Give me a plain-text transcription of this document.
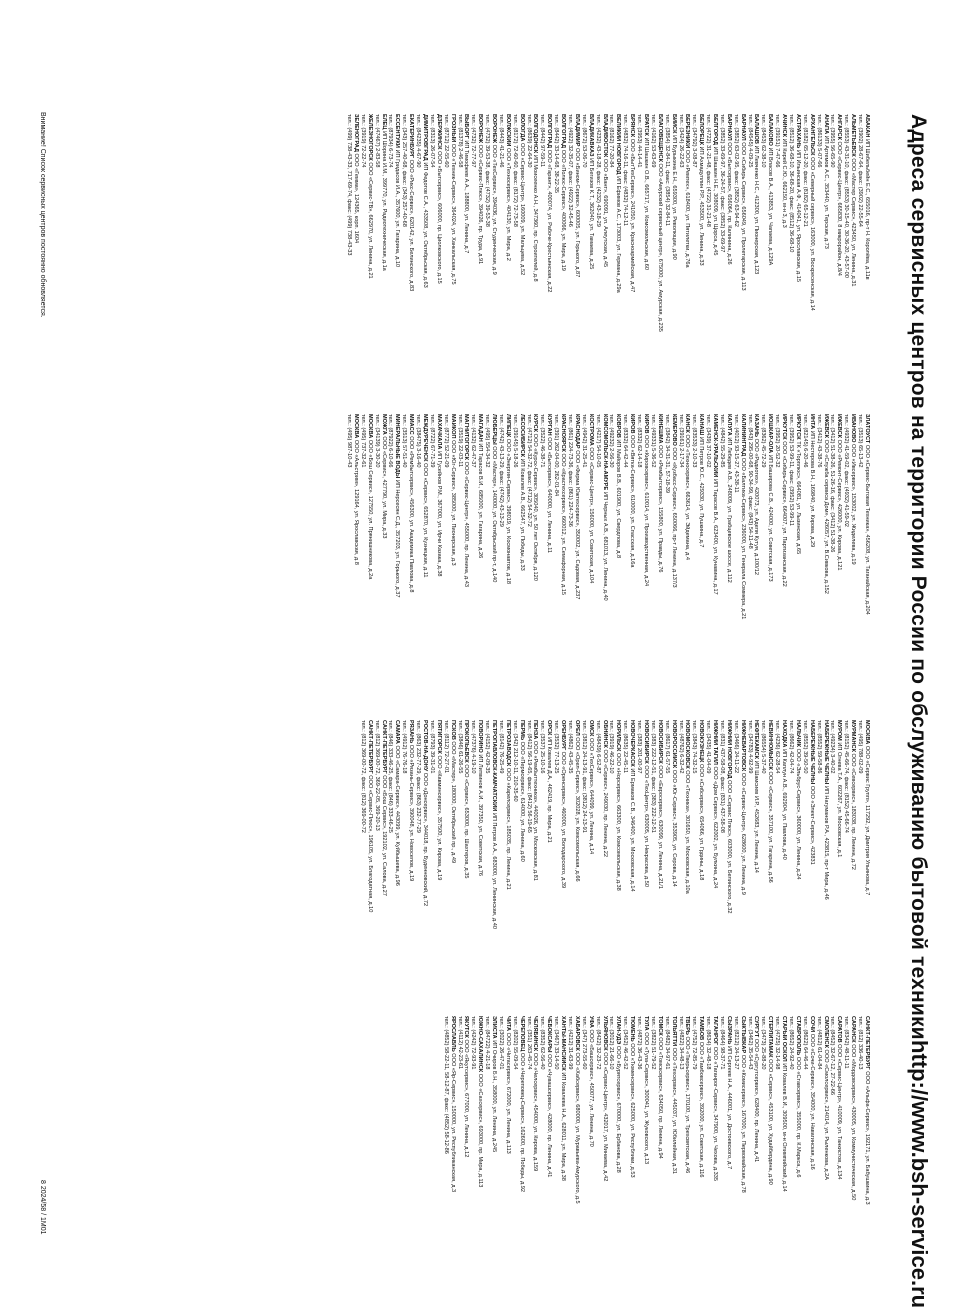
Адреса сервисных центров на территории России по обслуживанию бытовой техники
http://www.bsh-service.ru
АБАКАН ИП Шибельбейн Е.С., 655016, пр-т Н. Королёва, д.11в
тел.: (3902) 28-67-64, факс: (3902) 22-55-64
АЛЬМЕТЬЕВСК ООО «Мастер Сервис», 423450, ул. Ленина, д.31
тел.: (8553) 43-31-10, факс: (8553) 30-15-40, 30-36-20, 43-57-00
АНГАРСК ООО «Сервис-Центр», 665830, 8 микрорайон, д.8/4
тел.: (3955) 56-65-90
АНАПА ИП Артемов А.С., 353440, ул. Терская, д.73
тел.: (86133) 5-07-66
АРХАНГЕЛЬСК ООО «Северный сервис», 163000, ул. Воскресенская, д.14
тел.: (8182) 65-12-20, факс: (8182) 65-12-21
АСТРАХАНЬ ИП Ильинская А.Ф., 414041, ул. Ярославская, д.15
тел.: (8512) 36-68-10, 36-68-20, факс: (8512) 36-68-10
АЧИНСК ИП Кирей С.Ю., 662150, м-н 3, д.3
тел.: (39151) 7-47-66
БАЛАКОВО ИП Власов В.А., 413853, ул. Чапаева, д.129А
тел.: (8453) 62-38-10
БАЛАШОВ ИП Левченко Н.С., 412300, ул. Пионерская, д.123
тел.: (84545) 4-09-25
БАРНАУЛ ООО «Сибирь Сервис», 656049, ул. Пролетарская, д.113
тел.: (3852) 63-02-95, факс: (3852) 63-94-62
БАРНАУЛ ООО «Бытсервис», 656064, пр. Калинина, д.26
тел.: (3852) 33-69-97, 36-24-57, факс: (3852) 33-69-97
БЕЛГОРОД ИП Шашкин Н.Е., 308009, ул. Щорса, д.45
тел.: (4722) 31-21-48, факс: (4722) 31-21-48
БЕЛОРЕЦК ИП Ахмадуллин Р.Р., 453500, ул. Ленина, д.33
тел.: (34792) 3-08-87
БЕРЕЗНИКИ ООО «Ремтех», 618400, ул. Пятилетки, д.76а
тел.: (3424) 26-22-63
БИЙСК ИП Бурыкина Е.Н., 659300, ул. Революции, д.90
тел.: (3854) 32-84-11, факс: (3854) 32-84-11
БЛАГОВЕЩЕНСК ООО «Амурский сервисный центр», 675000, ул. Амурская, д.235
тел.: (4162) 53-63-69
БРАТСК ИП Шашкин О.В., 665717, ул. Комсомольская, д.60
тел.: (3953) 44-14-41
БРЯНСК ООО «БытТехСервис», 241050, ул. Красноармейская, д.47
тел.: (4832) 74-16-11, факс: (4832) 74-12-11
ВЕЛИКИЙ НОВГОРОД ИП Ефимов А.С., 173003, ул. Германа, д.29а
тел.: (8162) 77-20-84
ВЛАДИВОСТОК ООО «Вант», 690091, ул. Алеутская, д.45
тел.: (4232) 43-18-28, факс: (4232) 43-18-29
ВЛАДИКАВКАЗ ИП Бегизов К.Т., 362040, ул. Тамаева, д.25
тел.: (8672) 53-06-70
ВЛАДИМИР ООО «Бином-Сервис», 600005, ул. Горького, д.87
тел.: (4922) 32-35-07, факс: (4922) 32-45-46
ВОЛГОГРАД ООО «Полюс-Сервис», 400066, ул. Мира, д.19
тел.: (8442) 33-14-68, 38-22-35
ВОЛГОГРАД ООО «Гарант», 400074, ул. Рабоче-Крестьянская, д.22
тел.: (8442) 97-59-11
ВОЛГОДОНСК ИП Моисеенко А.Н., 347360, пр. Строителей, д.8
тел.: (8639) 22-64-30
ВОЛОГДА ООО «Сервис-Центр», 160009, ул. Мальцева, д.52
тел.: (8172) 72-60-60, факс: (8172) 72-73-58
ВОЛЖСКИЙ ООО «Техносервис», 404130, ул. Мира, д.2
тел.: (8443) 41-21-46
ВОРОНЕЖ ООО «ТехСервис», 394036, ул. Студенческая, д.9
тел.: (4732) 39-53-38, факс: (4732) 39-53-38
ВОРОНЕЖ ООО «Сервис-Плюс», 394026, пр. Труда, д.91
тел.: (4732) 72-77-97
ВЫБОРГ ИП Тимофеев А.А., 188800, ул. Ленина, д.7
тел.: (81378) 2-46-58
ГРОЗНЫЙ ООО «Техник-Сервис», 364024, ул. Ханкальская, д.75
тел.: (8712) 22-55-60
ДЗЕРЖИНСК ООО «Бытсервис», 606000, пр. Циолковского, д.15
тел.: (8313) 26-07-54
ДИМИТРОВГРАД ИП Федотов С.А., 433508, ул. Октябрьская, д.63
тел.: (84235) 4-67-90
ЕКАТЕРИНБУРГ ООО «Рикс-Сервис», 620142, ул. Белинского, д.83
тел.: (343) 257-40-68, факс: (343) 257-40-68
ЕССЕНТУКИ ИП Гридасов И.А., 357600, ул. Гагарина, д.10
тел.: (87934) 6-73-74
ЕЛЕЦ ИП Шорина И.М., 399770, ул. Радиотехническая, д.1а
тел.: (47467) 2-83-58
ЖЕЛЕЗНОГОРСК ООО «Сервис-ТВ», 662970, ул. Ленина, д.21
тел.: (3919) 72-22-74
ЗЕЛЕНОГРАД ООО «Гемма», 124365, корп. 1604
тел.: (499) 738-43-33, 717-69-74, факс: (499) 738-43-33
ЗЛАТОУСТ ООО «Сервис-Бытовая Техника», 456208, ул. Таганайская, д.204
тел.: (3513) 65-13-42
ИВАНОВО ООО «Ивсервис», 153002, ул. Жиделева, д.19
тел.: (4932) 41-59-02, факс: (4932) 41-59-02
ИЖЕВСК ООО «Ремонт-Сервис», 426000, ул. Кирова, д.121
тел.: (3412) 51-38-26, 51-26-16, факс: (3412) 51-38-26
ИЖЕВСК ООО «Служба сервиса Дом», 426057, ул. В.Сивкова, д.152
тел.: (3412) 43-38-76
ИНТА ИП Нестерова В.Н., 169840, ул. Кирова, д.29
тел.: (82145) 6-20-46
ИРКУТСК ТК «Торплюс», 664081, ул. Лызинская, д.65
тел.: (3952) 53-99-11, факс: (3952) 53-99-11
ИРКУТСК ООО «Сибирь-Сервис», 664007, ул. Партизанская, д.22
тел.: (3952) 20-52-32
ЙОШКАР-ОЛА ИП Баширова С.В., 424000, ул. Советская, д.173
тел.: (8362) 45-72-29
КАЗАНЬ ООО «Радиотех», 420073, ул. Аделя Кутуя, д.100/12
тел.: (843) 295-00-68, 90-34-99, факс: (843) 54-11-48
КАЛИНИНГРАД ООО «Балтика-Сервис», 236000, ул. Генерала Соммера, д.21
тел.: (4012) 93-15-27, 43-38-11
КАЛУГА ИП Лебедев А.В., 248009, ул. Грабцевское шоссе, д.112
тел.: (4842) 55-29-85
КАМЕНСК-УРАЛЬСКИЙ ИП Тарасов В.А., 623400, ул. Кунавина, д.17
тел.: (3439) 37-10-02
КАНАШ ИП Петров Ю.С., 429330, ул. Пушкина, д.7
тел.: (83533) 2-10-33
КАНСК ООО «Техносервис», 663614, ул. Эйдемана, д.4
тел.: (39161) 2-17-34
КЕМЕРОВО ООО «Кузбасс-Сервис», 650066, пр-т Ленина, д.137/3
тел.: (3842) 34-31-31, 57-18-39
КИНЕШМА ООО «Рембытсервис», 155800, ул. Правды, д.76
тел.: (49331) 5-36-52
КИРОВ ООО «Кировсервис», 610014, ул. Производственная, д.24
тел.: (8332) 62-14-18
КИРОВ ООО «Вятка-Сервис», 610000, ул. Спасская, д.16а
тел.: (8332) 64-42-44
КОВРОВ ИП Майоров В.В., 601900, ул. Свердлова, д.8
тел.: (49232) 2-56-30
КОМСОМОЛЬСК-НА-АМУРЕ ИП Черных А.В., 681013, ул. Ленина, д.40
тел.: (4217) 54-10-05
КОСТРОМА ООО «Сервис-Центр», 156000, ул. Советская, д.104
тел.: (4942) 31-25-41
КРАСНОДАР ООО «Фирма Южтехсервис», 350002, ул. Садовая, д.237
тел.: (861) 224-73-36, факс: (861) 224-73-36
КРАСНОЯРСК ООО «Крастехсервис», 660012, ул. Семафорная, д.15
тел.: (391) 262-04-00, 262-01-84
КУРГАН ООО «Бытсервис», 640000, ул. Ленина, д.11
тел.: (3522) 46-38-71
КУРСК ООО «Курск-Сервис», 305040, ул. 50 лет Октября, д.120
тел.: (4712) 54-32-72, факс: (4712) 54-32-72
ЛЕСОСИБИРСК ИП Ковалев А.В., 662547, ул. Победы, д.33
тел.: (39145) 5-18-26
ЛИПЕЦК ООО «Энергия-Сервис», 398019, ул. Космонавтов, д.18
тел.: (4742) 43-13-29, факс: (4742) 43-13-29
ЛЮБЕРЦЫ ООО «Мастер», 140000, ул. Октябрьский пр-т, д.140
тел.: (495) 554-34-32
МАГАДАН ИП Тарасов В.И., 685000, ул. Гагарина, д.26
тел.: (4132) 62-47-37
МАГНИТОГОРСК ООО «Сервис-Центр», 455000, пр. Ленина, д.43
тел.: (3519) 22-03-11
МАЙКОП ООО «Юг-Сервис», 385000, ул. Пионерская, д.3
тел.: (8772) 52-21-09
МАХАЧКАЛА ИП Гусейнов Р.М., 367000, ул. Ирчи Казака, д.38
тел.: (8722) 67-71-39
МЕЖДУРЕЧЕНСК ООО «Сервис», 652870, ул. Кузнецкая, д.11
тел.: (38475) 3-16-40
МИАСС ООО «Рембытсервис», 456300, ул. Академика Павлова, д.8
тел.: (3513) 57-51-40
МИНЕРАЛЬНЫЕ ВОДЫ ИП Нерсесян С.Д., 357203, ул. Горького, д.37
тел.: (87922) 6-10-66
МОЖГА ООО «Сервис», 427790, ул. Мира, д.33
тел.: (34139) 3-30-20
МОСКВА ООО «Бош Сервис», 127550, ул. Прянишникова, д.2а
тел.: (495) 737-32-61
МОСКВА ООО «Альстрим», 129164, ул. Ярославская, д.8
тел.: (495) 987-10-43
МОСКВА ООО «Сервис Групп», 117292, ул. Дмитрия Ульянова, д.7
тел.: (495) 788-02-09
МУРМАНСК ООО «Севсервис», 183038, пр. Ленина, д.72
тел.: (8152) 45-66-74, факс: (8152) 45-66-74
МУРОМ ИП Огнева Т.А., 602267, ул. Московская, д.1
тел.: (49234) 3-40-02
НАБЕРЕЖНЫЕ ЧЕЛНЫ ИП Нагуманов Р.А., 423815, пр-т Мира, д.46
тел.: (8552) 59-58-86
НАБЕРЕЖНЫЕ ЧЕЛНЫ ООО «Элект-Сервис», 423831
тел.: (8552) 39-50-50
НАЛЬЧИК ООО «Эльбрус-Сервис», 360000, ул. Ленина, д.24
тел.: (8662) 42-04-74
НАХОДКА ИП Каплун А.В., 692904, ул. Павлова, д.40
тел.: (4236) 62-28-54
НЕВИННОМЫССК ООО «Сервис», 357100, ул. Гагарина, д.56
тел.: (86554) 5-37-40
НЕФТЕКАМСК ИП Шамсиев И.Р., 452683, ул. Ленина, д.14
тел.: (34783) 4-92-99
НИЖНЕВАРТОВСК ООО «Сервис-Центр», 628600, ул. Ленина, д.9
тел.: (3466) 24-11-22
НИЖНИЙ НОВГОРОД ООО «Сервис Плюс», 603000, ул. Белинского, д.32
тел.: (831) 437-58-08, факс: (831) 437-58-08
НИЖНИЙ ТАГИЛ ООО «Дом Сервис», 622002, ул. Булкина, д.24
тел.: (3435) 41-04-09
НОВОКУЗНЕЦК ООО «Сибсервис», 654066, ул. Грдины, д.18
тел.: (3843) 74-32-15
НОВОМОСКОВСК ООО «Техника», 301650, ул. Московская, д.10а
тел.: (48762) 6-32-42
НОВОРОССИЙСК ООО «Юг-Сервис», 353905, ул. Серова, д.14
тел.: (8617) 61-57-55
НОВОСИБИРСК ООО «Евросервис», 630099, ул. Ленина, д.21/1
тел.: (383) 222-12-51, факс: (383) 222-12-51
НОВОСИБИРСК ООО «ТехЦентр», 630005, ул. Некрасова, д.50
тел.: (383) 201-00-97
НОВОЧЕРКАССК ИП Ермаков С.В., 346400, ул. Московская, д.14
тел.: (8635) 22-45-11
НОРИЛЬСК ООО «Норсервис», 663300, ул. Комсомольская, д.38
тел.: (3919) 46-22-10
ОБНИНСК ООО «Сервис», 249030, пр. Ленина, д.22
тел.: (48439) 6-52-87
ОМСК ООО «ТехСервис», 644099, ул. Ленина, д.14
тел.: (3812) 24-13-91, факс: (3812) 24-13-91
ОРЕЛ ООО «Орел-Сервис», 302028, ул. Комсомольская, д.66
тел.: (4862) 43-45-35
ОРЕНБУРГ ООО «Оренсервис», 460000, ул. Володарского, д.39
тел.: (3532) 77-13-25
ОРСК ИП Ковалев Д.А., 462419, пр. Мира, д.21
тел.: (3537) 25-10-16
ПЕНЗА ООО «Рембыттехника», 440026, ул. Московская, д.81
тел.: (8412) 56-19-65, факс: (8412) 56-19-65
ПЕРМЬ ООО «Пермсервис», 614000, ул. Ленина, д.60
тел.: (342) 212-10-11, 210-35-60
ПЕТРОЗАВОДСК ООО «Карелсервис», 185035, пр. Ленина, д.21
тел.: (8142) 76-25-49
ПЕТРОПАВЛОВСК-КАМЧАТСКИЙ ИП Петров А.А., 683000, ул. Ленинская, д.40
тел.: (4152) 42-09-35
ПОВОРИНО ИП Литвинов А.И., 397350, ул. Советская, д.76
тел.: (47376) 4-19-10
ПРОКОПЬЕВСК ООО «Сервис», 653000, пр. Шахтеров, д.35
тел.: (3846) 61-26-55
ПСКОВ ООО «Мастер», 180000, Октябрьский пр., д.49
тел.: (8112) 72-27-01
ПЯТИГОРСК ООО «Кавминсервис», 357500, ул. Кирова, д.19
тел.: (8793) 39-31-01
РОСТОВ-НА-ДОНУ ООО «Донсервис», 344018, пр. Буденновский, д.72
тел.: (863) 232-77-29, факс: (863) 232-77-29
РЯЗАНЬ ООО «Рязань-Сервис», 390048, ул. Новоселов, д.19
тел.: (4912) 76-76-18
САМАРА ООО «Самара-Сервис», 443099, ул. Куйбышева, д.96
тел.: (846) 333-46-25, факс: (846) 333-46-25
САНКТ-ПЕТЕРБУРГ ООО «Бош Сервис», 192102, ул. Салова, д.27
тел.: (812) 369-00-72, 369-22-05, 369-20-13
САНКТ-ПЕТЕРБУРГ ООО «Сервис-Плюс», 196105, ул. Благодатная, д.10
тел.: (812) 369-00-72, факс: (812) 369-00-72
САНКТ-ПЕТЕРБУРГ ООО «Альфа-Сервис», 192171, ул. Бабушкина, д.3
тел.: (812) 336-40-13
САРАНСК ООО «Мордовсервис», 430005, ул. Коммунистическая, д.50
тел.: (8342) 48-11-11
САРАТОВ ООО «Сервис-Центр», 410009, ул. Танкистов, д.134
тел.: (8452) 32-67-12, 27-22-66
СМОЛЕНСК ООО «Смолсервис», 214014, ул. Рыленкова, д.2А
тел.: (4812) 61-04-84
СОЧИ ООО «Сочи-Сервис», 354000, ул. Навагинская, д.16
тел.: (8622) 64-46-44
СТАВРОПОЛЬ ООО «Ставсервис», 355000, пр. К.Маркса, д.6
тел.: (8652) 24-92-40
СТАРЫЙ ОСКОЛ ИП Ковалев В.И., 309500, м-н Олимпийский, д.14
тел.: (4725) 32-14-98
СТЕРЛИТАМАК ООО «Сервис», 453100, ул. Худайбердина, д.90
тел.: (3473) 25-88-20
СУРГУТ ООО «Сургутсервис», 628400, пр. Ленина, д.41
тел.: (3462) 35-54-43
СЫКТЫВКАР ООО «Комисервис», 167000, ул. Первомайская, д.78
тел.: (8212) 24-13-27
СЫЗРАНЬ ИП Сергеев Н.А., 446001, ул. Достоевского, д.7
тел.: (8464) 98-37-71
ТАГАНРОГ ООО «Таганрог-Сервис», 347900, ул. Чехова, д.335
тел.: (8634) 32-48-18
ТАМБОВ ООО «Тамбовсервис», 392000, ул. Советская, д.116
тел.: (4752) 72-85-79
ТВЕРЬ ООО «Тверьсервис», 170100, ул. Трехсвятская, д.46
тел.: (4822) 34-48-13
ТОЛЬЯТТИ ООО «Техсервис», 445037, ул. Юбилейная, д.31
тел.: (8482) 34-97-61
ТОМСК ООО «Томсксервис», 634050, пр. Ленина, д.94
тел.: (3822) 51-79-52
ТУЛА ООО «Тула-Сервис», 300041, ул. Жуковского, д.13
тел.: (4872) 36-43-36
ТЮМЕНЬ ООО «Тюменсервис», 625000, ул. Республики, д.53
тел.: (3452) 46-42-52
УЛАН-УДЭ ООО «Бурятсервис», 670000, ул. Ербанова, д.28
тел.: (3012) 21-66-10
УЛЬЯНОВСК ООО «Сервис-Центр», 432017, ул. Минаева, д.42
тел.: (8422) 32-23-72
УФА ООО «Башсервис», 450077, ул. Ленина, д.70
тел.: (347) 273-55-60
ХАБАРОВСК ООО «Хабсервис», 680000, ул. Муравьева-Амурского, д.5
тел.: (4212) 31-63-99
ХАНТЫ-МАНСИЙСК ИП Ковалева Н.А., 628011, ул. Мира, д.38
тел.: (3467) 33-14-50
ЧЕБОКСАРЫ ООО «Чувашсервис», 428000, пр. Ленина, д.41
тел.: (8352) 62-56-40
ЧЕЛЯБИНСК ООО «Челсервис», 454000, ул. Кирова, д.159
тел.: (351) 263-45-74
ЧЕРЕПОВЕЦ ООО «Череповец-Сервис», 162600, пр. Победы, д.92
тел.: (8202) 55-09-54
ЧИТА ООО «Читасервис», 672000, ул. Ленина, д.113
тел.: (3022) 26-47-01
ЭЛИСТА ИП Очиров Б.Н., 358000, ул. Ленина, д.245
тел.: (84722) 4-21-18
ЮЖНО-САХАЛИНСК ООО «Сахсервис», 693000, пр. Мира, д.113
тел.: (4242) 72-93-91
ЯКУТСК ООО «Якутсервис», 677000, ул. Ленина, д.12
тел.: (4112) 42-23-61
ЯРОСЛАВЛЬ ООО «Яр-Сервис», 150000, ул. Республиканская, д.3
тел.: (4852) 58-22-11, 58-12-87, факс: (4852) 58-12-86
Внимание! Список сервисных центров постоянно обновляется.
8 2024/58 / 1M01
